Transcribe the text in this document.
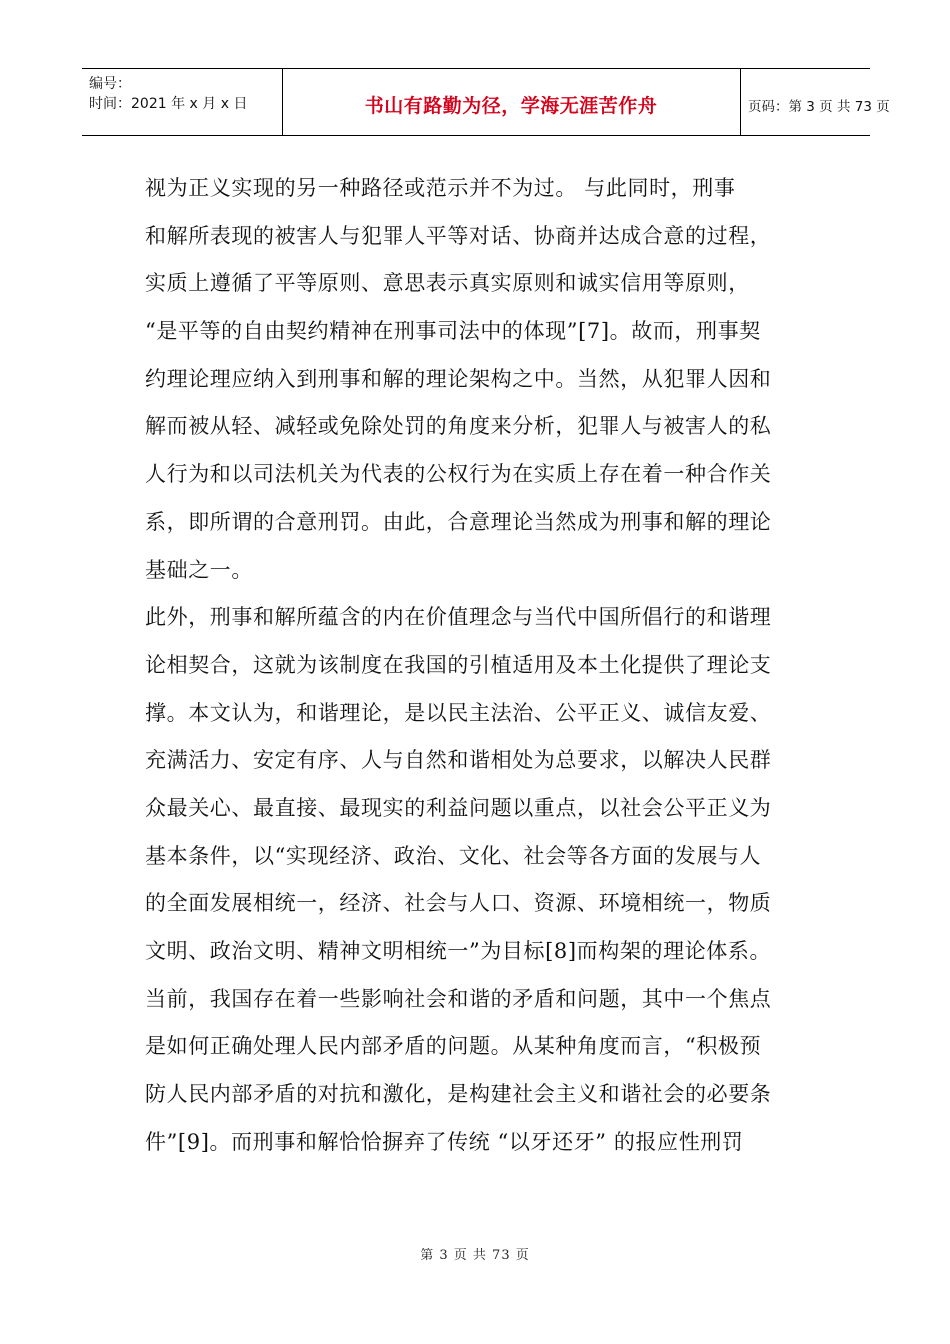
编号：
时间：2021 年 x 月 x 日	书山有路勤为径，学海无涯苦作舟	页码：第 3 页 共 73 页
视为正义实现的另一种路径或范示并不为过。 与此同时，刑事
和解所表现的被害人与犯罪人平等对话、协商并达成合意的过程，
实质上遵循了平等原则、意思表示真实原则和诚实信用等原则，
“是平等的自由契约精神在刑事司法中的体现”[7]。故而，刑事契
约理论理应纳入到刑事和解的理论架构之中。当然，从犯罪人因和
解而被从轻、减轻或免除处罚的角度来分析，犯罪人与被害人的私
人行为和以司法机关为代表的公权行为在实质上存在着一种合作关
系，即所谓的合意刑罚。由此，合意理论当然成为刑事和解的理论
基础之一。
此外，刑事和解所蕴含的内在价值理念与当代中国所倡行的和谐理
论相契合，这就为该制度在我国的引植适用及本土化提供了理论支
撑。本文认为，和谐理论，是以民主法治、公平正义、诚信友爱、
充满活力、安定有序、人与自然和谐相处为总要求，以解决人民群
众最关心、最直接、最现实的利益问题以重点，以社会公平正义为
基本条件，以“实现经济、政治、文化、社会等各方面的发展与人
的全面发展相统一，经济、社会与人口、资源、环境相统一，物质
文明、政治文明、精神文明相统一”为目标[8]而构架的理论体系。
当前，我国存在着一些影响社会和谐的矛盾和问题，其中一个焦点
是如何正确处理人民内部矛盾的问题。从某种角度而言，“积极预
防人民内部矛盾的对抗和激化，是构建社会主义和谐社会的必要条
件”[9]。而刑事和解恰恰摒弃了传统 “以牙还牙” 的报应性刑罚
第 3 页 共 73 页
